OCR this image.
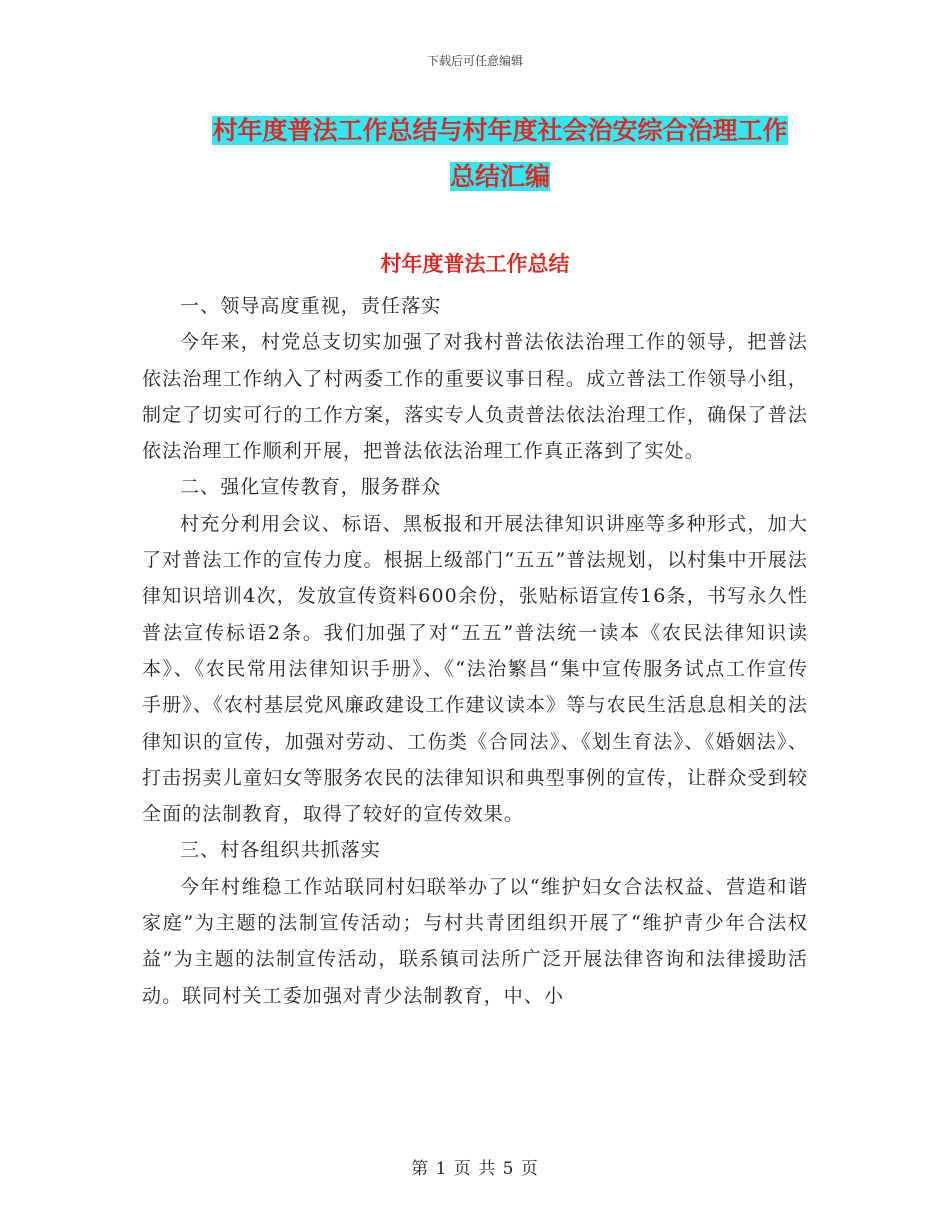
下载后可任意编辑
村年度普法工作总结与村年度社会治安综合治理工作
总结汇编
村年度普法工作总结

一、领导高度重视，责任落实

今年来，村党总支切实加强了对我村普法依法治理工作的领导，把普法依法治理工作纳入了村两委工作的重要议事日程。成立普法工作领导小组，制定了切实可行的工作方案，落实专人负责普法依法治理工作，确保了普法依法治理工作顺利开展，把普法依法治理工作真正落到了实处。

二、强化宣传教育，服务群众

村充分利用会议、标语、黑板报和开展法律知识讲座等多种形式，加大了对普法工作的宣传力度。根据上级部门“五五”普法规划，以村集中开展法律知识培训4次，发放宣传资料600余份，张贴标语宣传16条，书写永久性普法宣传标语2条。我们加强了对“五五”普法统一读本《农民法律知识读本》、《农民常用法律知识手册》、《“法治繁昌“集中宣传服务试点工作宣传手册》、《农村基层党风廉政建设工作建议读本》等与农民生活息息相关的法律知识的宣传，加强对劳动、工伤类《合同法》、《划生育法》、《婚姻法》、打击拐卖儿童妇女等服务农民的法律知识和典型事例的宣传，让群众受到较全面的法制教育，取得了较好的宣传效果。

三、村各组织共抓落实

今年村维稳工作站联同村妇联举办了以“维护妇女合法权益、营造和谐家庭”为主题的法制宣传活动；与村共青团组织开展了“维护青少年合法权益”为主题的法制宣传活动，联系镇司法所广泛开展法律咨询和法律援助活动。联同村关工委加强对青少法制教育，中、小

第 1 页 共 5 页
